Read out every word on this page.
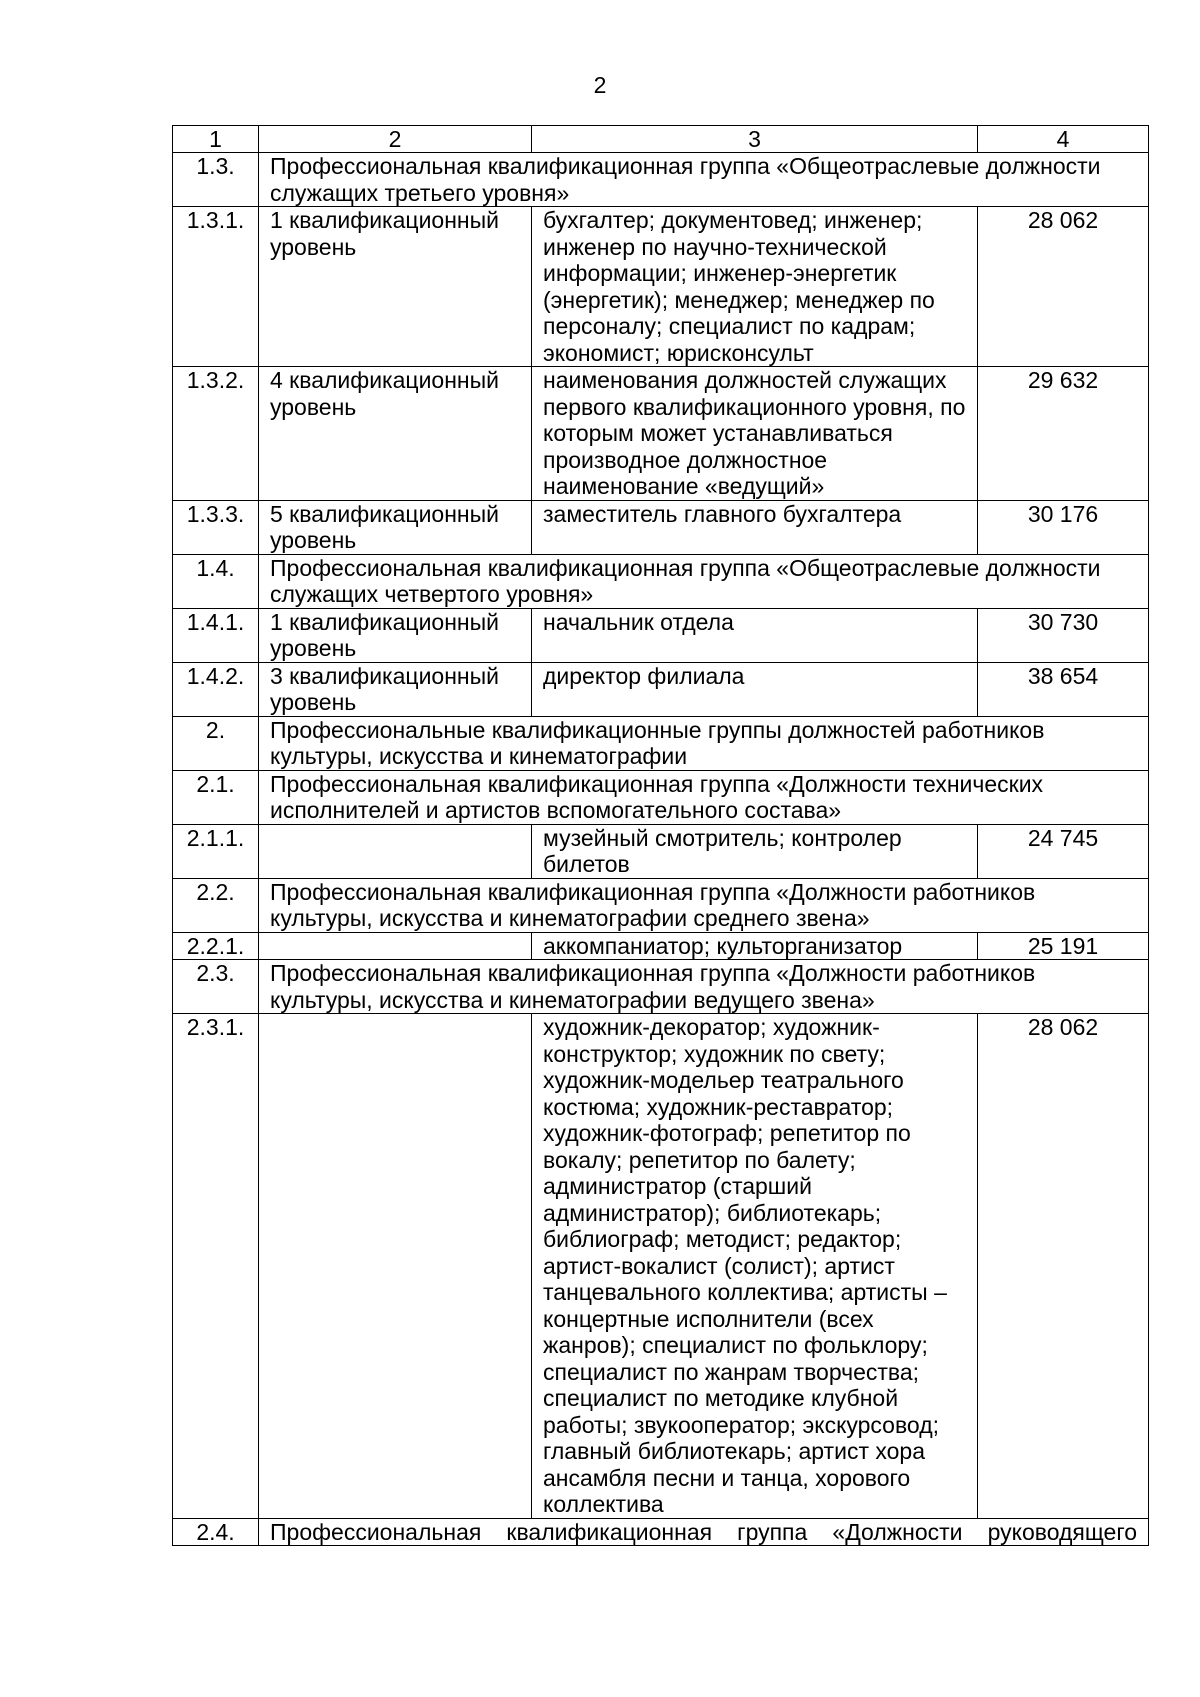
2
1	2	3	4
1.3.	Профессиональная квалификационная группа «Общеотраслевые должности служащих третьего уровня»		
1.3.1.	1 квалификационный уровень	бухгалтер; документовед; инженер; инженер по научно-технической информации; инженер-энергетик (энергетик); менеджер; менеджер по персоналу; специалист по кадрам; экономист; юрисконсульт	28 062
1.3.2.	4 квалификационный уровень	наименования должностей служащих первого квалификационного уровня, по которым может устанавливаться производное должностное наименование «ведущий»	29 632
1.3.3.	5 квалификационный уровень	заместитель главного бухгалтера	30 176
1.4.	Профессиональная квалификационная группа «Общеотраслевые должности служащих четвертого уровня»		
1.4.1.	1 квалификационный уровень	начальник отдела	30 730
1.4.2.	3 квалификационный уровень	директор филиала	38 654
2.	Профессиональные квалификационные группы должностей работников культуры, искусства и кинематографии		
2.1.	Профессиональная квалификационная группа «Должности технических исполнителей и артистов вспомогательного состава»		
2.1.1.		музейный смотритель; контролер билетов	24 745
2.2.	Профессиональная квалификационная группа «Должности работников культуры, искусства и кинематографии среднего звена»		
2.2.1.		аккомпаниатор; культорганизатор	25 191
2.3.	Профессиональная квалификационная группа «Должности работников культуры, искусства и кинематографии ведущего звена»		
2.3.1.		художник-декоратор; художник-конструктор; художник по свету; художник-модельер театрального костюма; художник-реставратор; художник-фотограф; репетитор по вокалу; репетитор по балету; администратор (старший администратор); библиотекарь; библиограф; методист; редактор; артист-вокалист (солист); артист танцевального коллектива; артисты – концертные исполнители (всех жанров); специалист по фольклору; специалист по жанрам творчества; специалист по методике клубной работы; звукооператор; экскурсовод; главный библиотекарь; артист хора ансамбля песни и танца, хорового коллектива	28 062
2.4.	Профессиональная квалификационная группа «Должности руководящего		
